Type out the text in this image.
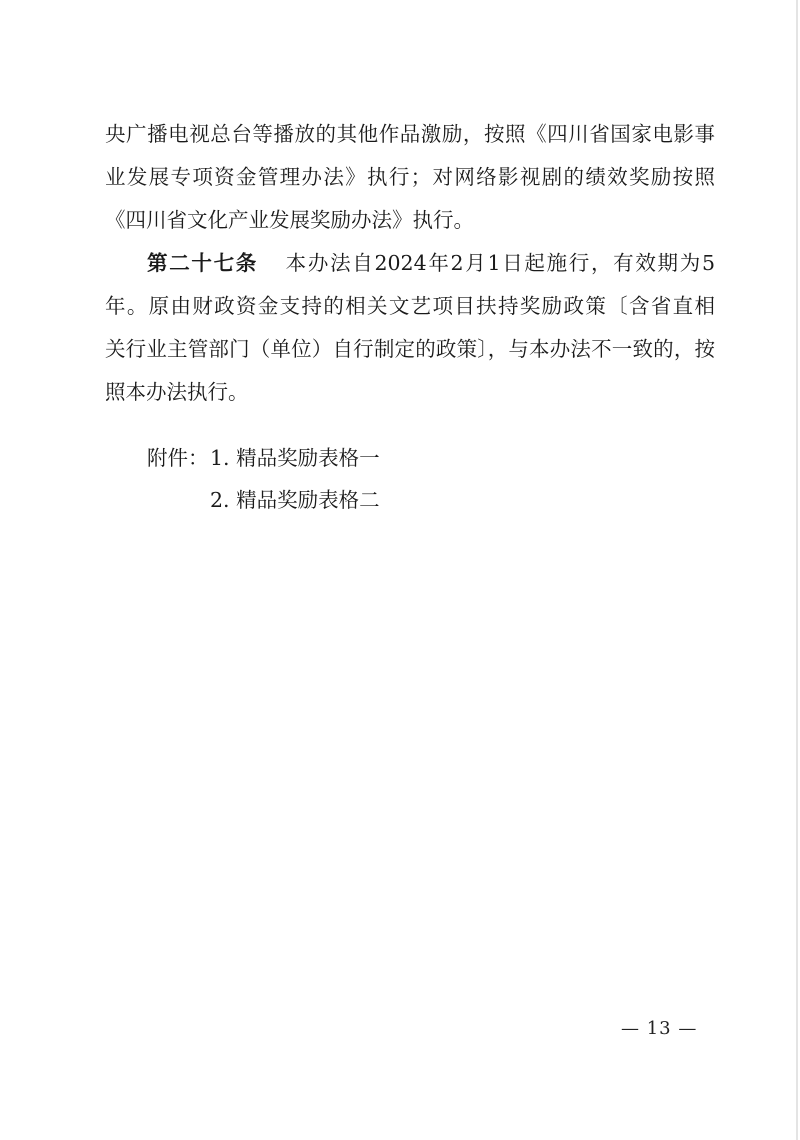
央广播电视总台等播放的其他作品激励，按照《四川省国家电影事
业发展专项资金管理办法》执行；对网络影视剧的绩效奖励按照
《四川省文化产业发展奖励办法》执行。
第二十七条 本办法自2024年2月1日起施行，有效期为5
年。原由财政资金支持的相关文艺项目扶持奖励政策〔含省直相
关行业主管部门（单位）自行制定的政策〕，与本办法不一致的，按
照本办法执行。
附件： 1. 精品奖励表格一
2. 精品奖励表格二
— 13 —
